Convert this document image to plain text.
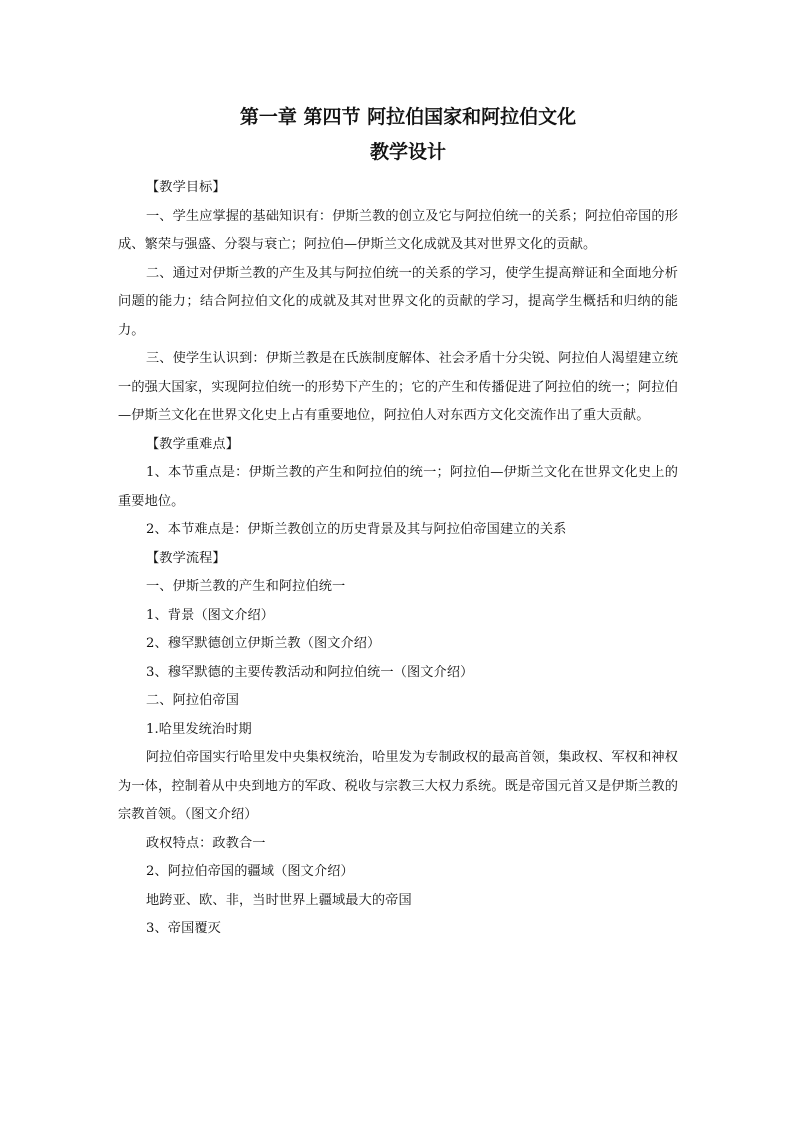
第一章 第四节 阿拉伯国家和阿拉伯文化
教学设计

【教学目标】

一、学生应掌握的基础知识有：伊斯兰教的创立及它与阿拉伯统一的关系；阿拉伯帝国的形成、繁荣与强盛、分裂与衰亡；阿拉伯—伊斯兰文化成就及其对世界文化的贡献。

二、通过对伊斯兰教的产生及其与阿拉伯统一的关系的学习，使学生提高辩证和全面地分析问题的能力；结合阿拉伯文化的成就及其对世界文化的贡献的学习，提高学生概括和归纳的能力。

三、使学生认识到：伊斯兰教是在氏族制度解体、社会矛盾十分尖锐、阿拉伯人渴望建立统一的强大国家，实现阿拉伯统一的形势下产生的；它的产生和传播促进了阿拉伯的统一；阿拉伯—伊斯兰文化在世界文化史上占有重要地位，阿拉伯人对东西方文化交流作出了重大贡献。

【教学重难点】

1、本节重点是：伊斯兰教的产生和阿拉伯的统一；阿拉伯—伊斯兰文化在世界文化史上的重要地位。

2、本节难点是：伊斯兰教创立的历史背景及其与阿拉伯帝国建立的关系

【教学流程】

一、伊斯兰教的产生和阿拉伯统一

1、背景（图文介绍）

2、穆罕默德创立伊斯兰教（图文介绍）

3、穆罕默德的主要传教活动和阿拉伯统一（图文介绍）

二、阿拉伯帝国

1.哈里发统治时期

阿拉伯帝国实行哈里发中央集权统治，哈里发为专制政权的最高首领，集政权、军权和神权为一体，控制着从中央到地方的军政、税收与宗教三大权力系统。既是帝国元首又是伊斯兰教的宗教首领。（图文介绍）

政权特点：政教合一

2、阿拉伯帝国的疆域（图文介绍）

地跨亚、欧、非，当时世界上疆域最大的帝国

3、帝国覆灭
